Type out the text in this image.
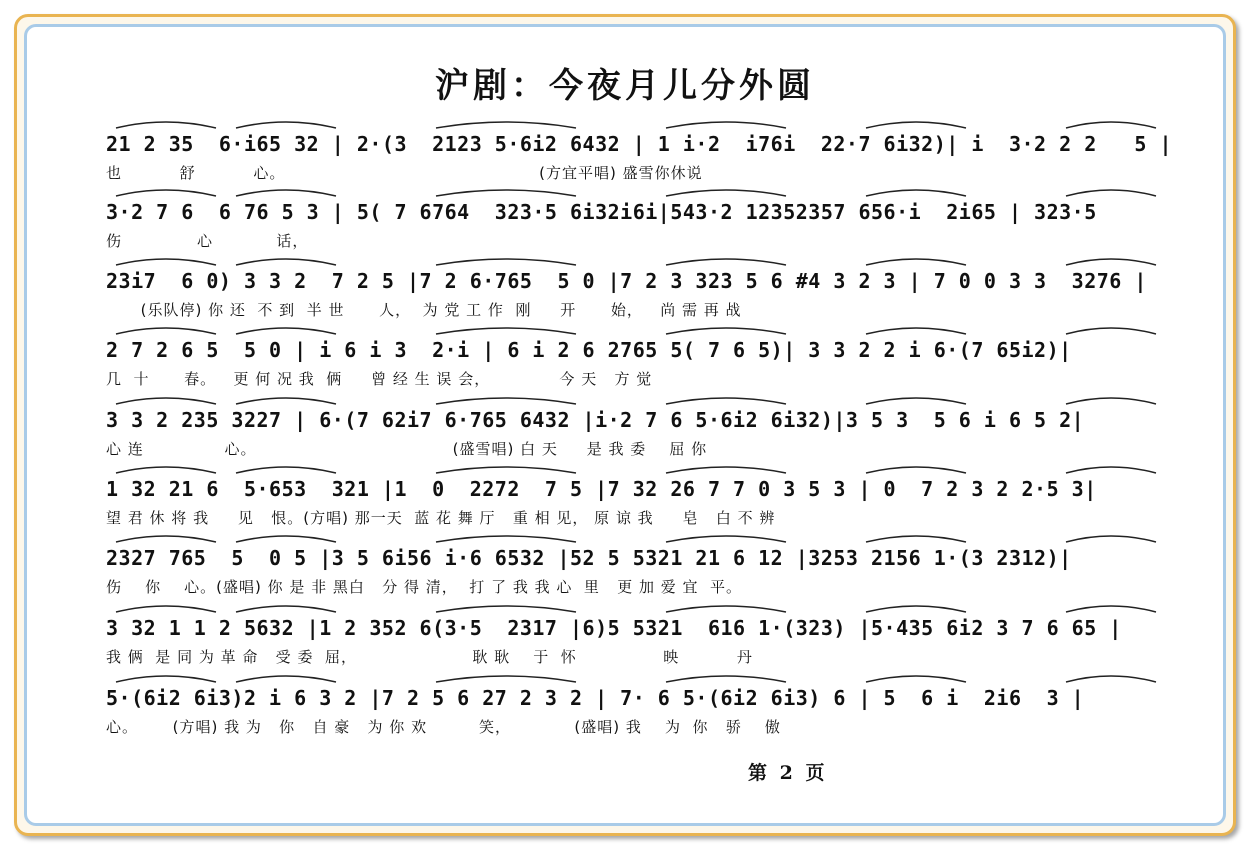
沪剧：今夜月儿分外圆
21 2 35  6·i65 32 | 2·(3  2123 5·6i2 6432 | 1 i·2  i76i  22·7 6i32)| i  3·2 2 2   5 |
也          舒          心。                                            (方宜平唱) 盛雪你休说
3·2 7 6  6 76 5 3 | 5( 7 6764  323·5 6i32i6i|543·2 12352357 656·i  2i65 | 323·5
伤             心           话，
23i7  6 0) 3 3 2  7 2 5 |7 2 6·765  5 0 |7 2 3 323 5 6 #4 3 2 3 | 7 0 0 3 3  3276 |
(乐队停) 你 还  不 到  半 世      人，  为 党 工 作  刚     开      始，   尚 需 再 战
2 7 2 6 5  5 0 | i 6 i 3  2·i | 6 i 2 6 2765 5( 7 6 5)| 3 3 2 2 i 6·(7 65i2)|
几  十      春。   更 何 况 我  俩     曾 经 生 误 会，            今 天   方 觉
3 3 2 235 3227 | 6·(7 62i7 6·765 6432 |i·2 7 6 5·6i2 6i32)|3 5 3  5 6 i 6 5 2|
心 连              心。                                  (盛雪唱) 白 天     是 我 委    屈 你
1 32 21 6  5·653  321 |1  0  2272  7 5 |7 32 26 7 7 0 3 5 3 | 0  7 2 3 2 2·5 3|
望 君 休 将 我     见   恨。(方唱) 那一天  蓝 花 舞 厅   重 相 见， 原 谅 我     皂   白 不 辨
2327 765  5  0 5 |3 5 6i56 i·6 6532 |52 5 5321 21 6 12 |3253 2156 1·(3 2312)|
伤    你    心。(盛唱) 你 是 非 黑白   分 得 清，  打 了 我 我 心  里   更 加 爱 宜  平。
3 32 1 1 2 5632 |1 2 352 6(3·5  2317 |6)5 5321  616 1·(323) |5·435 6i2 3 7 6 65 |
我 俩  是 同 为 革 命   受 委  屈，                    耿 耿    于  怀               映          丹
5·(6i2 6i3)2 i 6 3 2 |7 2 5 6 27 2 3 2 | 7· 6 5·(6i2 6i3) 6 | 5  6 i  2i6  3 |
心。      (方唱) 我 为   你   自 豪   为 你 欢         笑，           (盛唱) 我    为  你   骄    傲
第 2 页
